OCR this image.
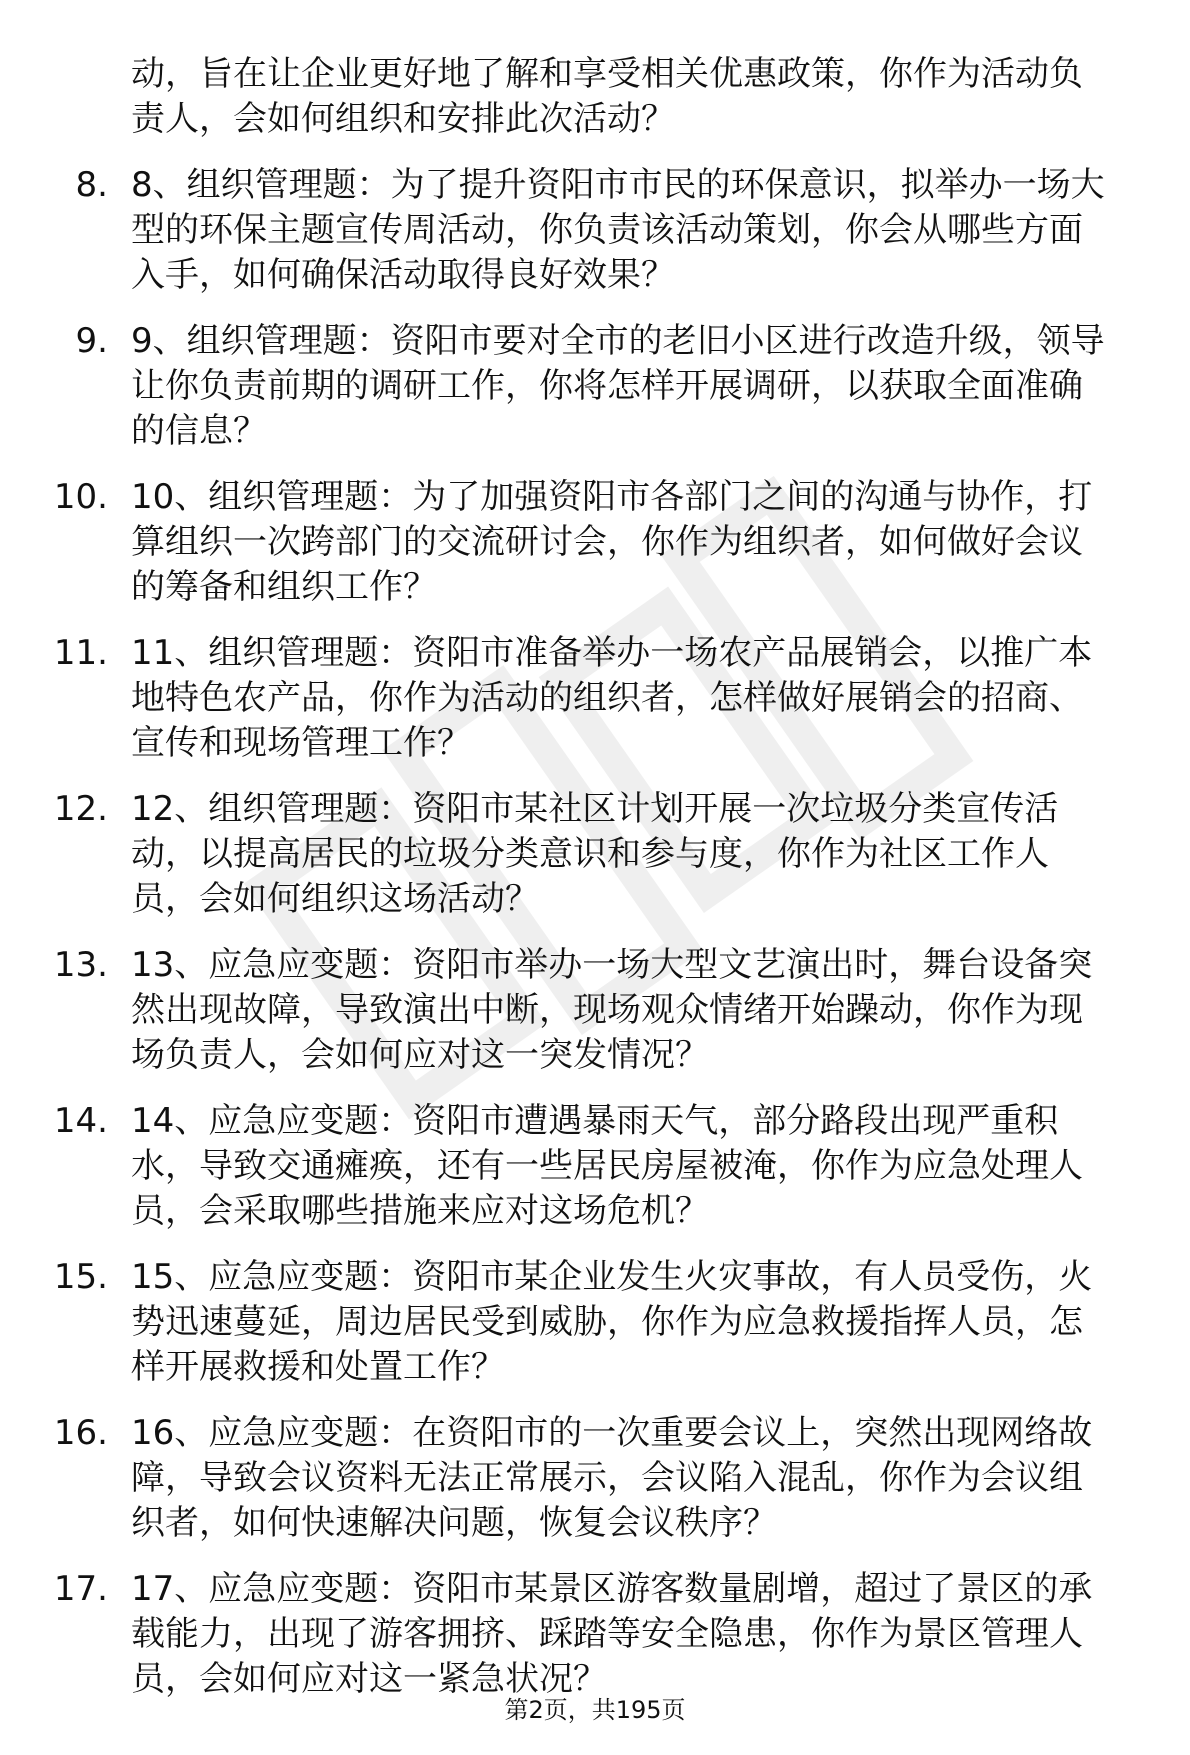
动，旨在让企业更好地了解和享受相关优惠政策，你作为活动负
责人，会如何组织和安排此次活动？
8. 8、组织管理题：为了提升资阳市市民的环保意识，拟举办一场大
型的环保主题宣传周活动，你负责该活动策划，你会从哪些方面
入手，如何确保活动取得良好效果？
9. 9、组织管理题：资阳市要对全市的老旧小区进行改造升级，领导
让你负责前期的调研工作，你将怎样开展调研，以获取全面准确
的信息？
10. 10、组织管理题：为了加强资阳市各部门之间的沟通与协作，打
算组织一次跨部门的交流研讨会，你作为组织者，如何做好会议
的筹备和组织工作？
11. 11、组织管理题：资阳市准备举办一场农产品展销会，以推广本
地特色农产品，你作为活动的组织者，怎样做好展销会的招商、
宣传和现场管理工作？
12. 12、组织管理题：资阳市某社区计划开展一次垃圾分类宣传活
动，以提高居民的垃圾分类意识和参与度，你作为社区工作人
员，会如何组织这场活动？
13. 13、应急应变题：资阳市举办一场大型文艺演出时，舞台设备突
然出现故障，导致演出中断，现场观众情绪开始躁动，你作为现
场负责人，会如何应对这一突发情况？
14. 14、应急应变题：资阳市遭遇暴雨天气，部分路段出现严重积
水，导致交通瘫痪，还有一些居民房屋被淹，你作为应急处理人
员，会采取哪些措施来应对这场危机？
15. 15、应急应变题：资阳市某企业发生火灾事故，有人员受伤，火
势迅速蔓延，周边居民受到威胁，你作为应急救援指挥人员，怎
样开展救援和处置工作？
16. 16、应急应变题：在资阳市的一次重要会议上，突然出现网络故
障，导致会议资料无法正常展示，会议陷入混乱，你作为会议组
织者，如何快速解决问题，恢复会议秩序？
17. 17、应急应变题：资阳市某景区游客数量剧增，超过了景区的承
载能力，出现了游客拥挤、踩踏等安全隐患，你作为景区管理人
员，会如何应对这一紧急状况？
第2页，共195页
